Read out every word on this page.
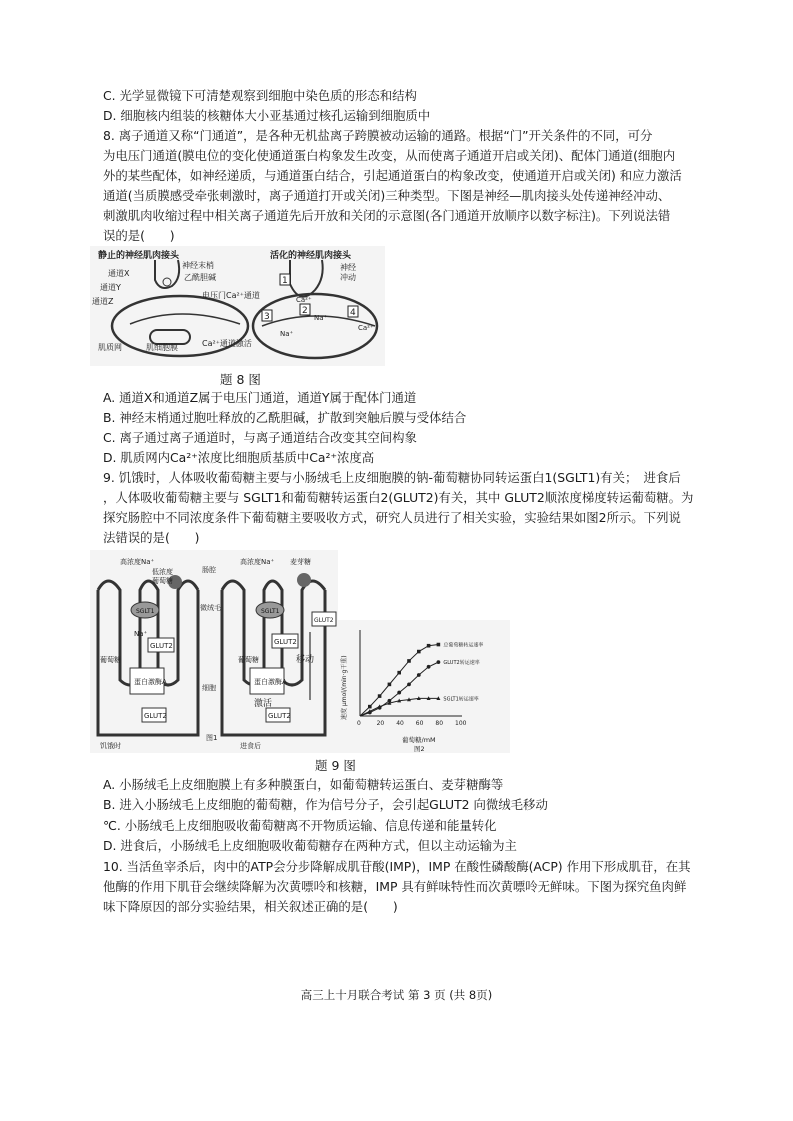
C. 光学显微镜下可清楚观察到细胞中染色质的形态和结构
D. 细胞核内组装的核糖体大小亚基通过核孔运输到细胞质中
8. 离子通道又称“门通道”，是各种无机盐离子跨膜被动运输的通路。根据“门”开关条件的不同，可分
为电压门通道(膜电位的变化使通道蛋白构象发生改变，从而使离子通道开启或关闭)、配体门通道(细胞内
外的某些配体，如神经递质，与通道蛋白结合，引起通道蛋白的构象改变，使通道开启或关闭) 和应力激活
通道(当质膜感受牵张刺激时，离子通道打开或关闭)三种类型。下图是神经—肌肉接头处传递神经冲动、
刺激肌肉收缩过程中相关离子通道先后开放和关闭的示意图(各门通道开放顺序以数字标注)。下列说法错
误的是(　　)
静止的神经肌肉接头
神经末梢
通道X	乙酰胆碱
通道Y
通道Z
电压门Ca²⁺通道
肌质网	肌细胞膜	Ca²⁺通道激活
活化的神经肌肉接头
神经
冲动
1
2
3	4
Ca²⁺
Na⁺
Na⁺
Ca²⁺
题 8 图
A. 通道X和通道Z属于电压门通道，通道Y属于配体门通道
B. 神经末梢通过胞吐释放的乙酰胆碱，扩散到突触后膜与受体结合
C. 离子通过离子通道时，与离子通道结合改变其空间构象
D. 肌质网内Ca²⁺浓度比细胞质基质中Ca²⁺浓度高
9. 饥饿时，人体吸收葡萄糖主要与小肠绒毛上皮细胞膜的钠-葡萄糖协同转运蛋白1(SGLT1)有关；　进食后
，人体吸收葡萄糖主要与 SGLT1和葡萄糖转运蛋白2(GLUT2)有关，其中 GLUT2顺浓度梯度转运葡萄糖。为
探究肠腔中不同浓度条件下葡萄糖主要吸收方式，研究人员进行了相关实验，实验结果如图2所示。下列说
法错误的是(　　)
高浓度Na⁺
低浓度
葡萄糖
SGLT1
Na⁺
GLUT2
葡萄糖
蛋白激酶A
GLUT2
饥饿时
肠腔
微绒毛
细胞
高浓度Na⁺ 麦芽糖
SGLT1
GLUT2
GLUT2
葡萄糖	移动
蛋白激酶A
激活
GLUT2
进食后
图1
0	20 40 60 80 100
总葡萄糖转运速率
GLUT2转运速率
SGLT1转运速率
速度 μmol/(min·g干重)
葡萄糖/mM
图2
题 9 图
A. 小肠绒毛上皮细胞膜上有多种膜蛋白，如葡萄糖转运蛋白、麦芽糖酶等
B. 进入小肠绒毛上皮细胞的葡萄糖，作为信号分子，会引起GLUT2 向微绒毛移动
℃. 小肠绒毛上皮细胞吸收葡萄糖离不开物质运输、信息传递和能量转化
D. 进食后，小肠绒毛上皮细胞吸收葡萄糖存在两种方式，但以主动运输为主
10. 当活鱼宰杀后，肉中的ATP会分步降解成肌苷酸(IMP)，IMP 在酸性磷酸酶(ACP) 作用下形成肌苷，在其
他酶的作用下肌苷会继续降解为次黄嘌呤和核糖，IMP 具有鲜味特性而次黄嘌呤无鲜味。下图为探究鱼肉鲜
味下降原因的部分实验结果，相关叙述正确的是(　　)
高三上十月联合考试 第 3 页 (共 8页)
